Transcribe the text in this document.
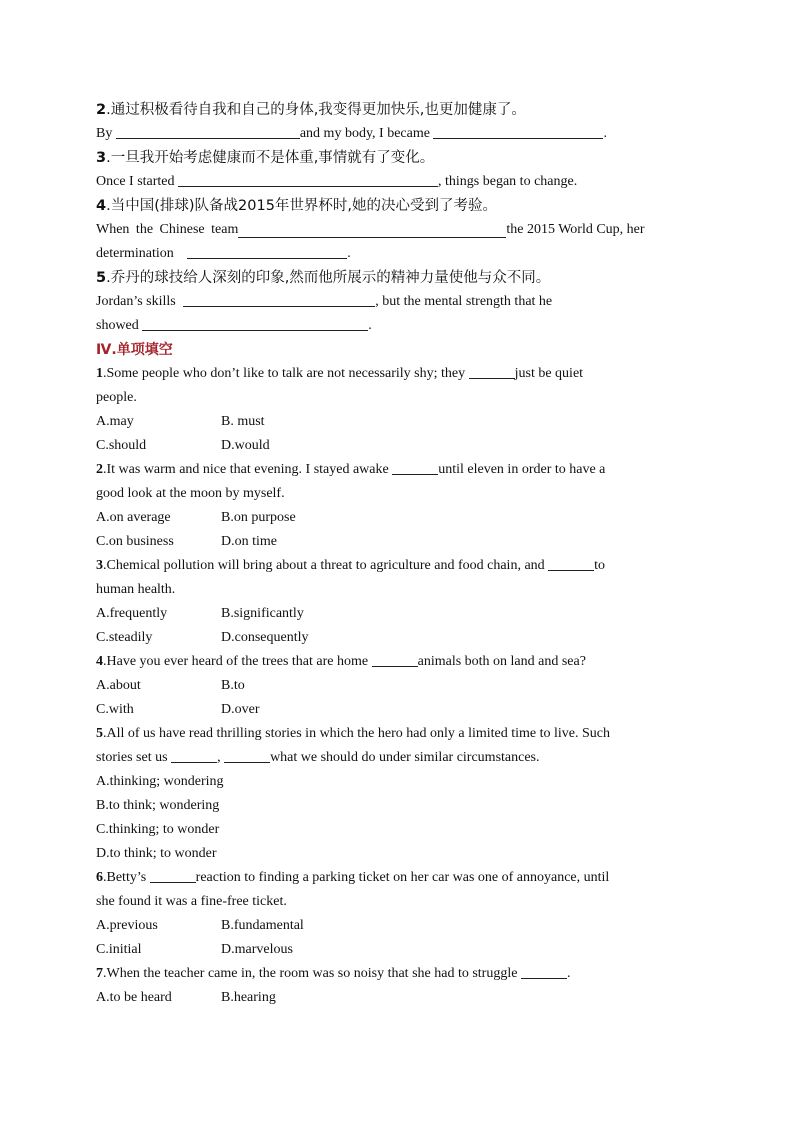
2.通过积极看待自我和自己的身体,我变得更加快乐,也更加健康了。
By	and my body, I became	.
3.一旦我开始考虑健康而不是体重,事情就有了变化。
Once I started	, things began to change.
4.当中国(排球)队备战2015年世界杯时,她的决心受到了考验。
When the Chinese team	the 2015 World Cup, her
determination	.
5.乔丹的球技给人深刻的印象,然而他所展示的精神力量使他与众不同。
Jordan’s skills	, but the mental strength that he
showed	.
Ⅳ.单项填空
1.Some people who don’t like to talk are not necessarily shy; they	just be quiet
people.
A.may	B. must
C.should	D.would
2.It was warm and nice that evening. I stayed awake	until eleven in order to have a
good look at the moon by myself.
A.on average	B.on purpose
C.on business	D.on time
3.Chemical pollution will bring about a threat to agriculture and food chain, and	to
human health.
A.frequently	B.significantly
C.steadily	D.consequently
4.Have you ever heard of the trees that are home	animals both on land and sea?
A.about	B.to
C.with	D.over
5.All of us have read thrilling stories in which the hero had only a limited time to live. Such
stories set us	,	what we should do under similar circumstances.
A.thinking; wondering
B.to think; wondering
C.thinking; to wonder
D.to think; to wonder
6.Betty’s	reaction to finding a parking ticket on her car was one of annoyance, until
she found it was a fine-free ticket.
A.previous	B.fundamental
C.initial	D.marvelous
7.When the teacher came in, the room was so noisy that she had to struggle	.
A.to be heard	B.hearing
